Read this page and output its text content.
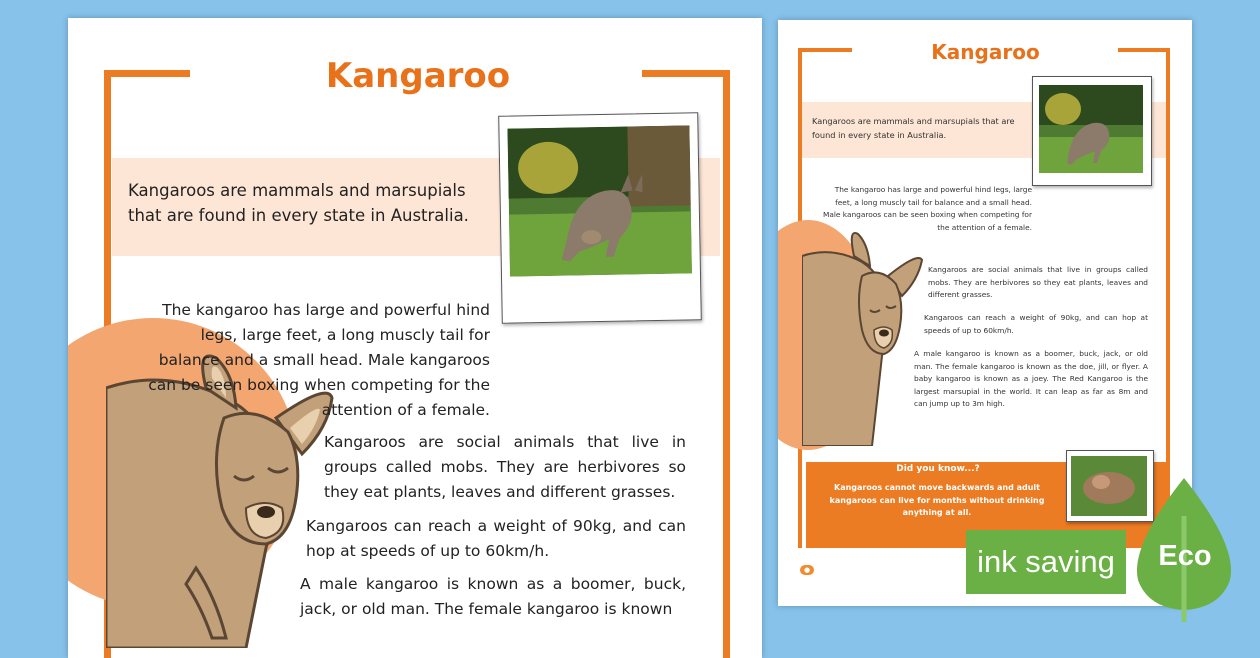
Kangaroo

Kangaroos are mammals and marsupials that are found in every state in Australia.

The kangaroo has large and powerful hind legs, large feet, a long muscly tail for balance and a small head. Male kangaroos can be seen boxing when competing for the attention of a female.

Kangaroos are social animals that live in groups called mobs. They are herbivores so they eat plants, leaves and different grasses.

Kangaroos can reach a weight of 90kg, and can hop at speeds of up to 60km/h.

A male kangaroo is known as a boomer, buck, jack, or old man. The female kangaroo is known

Kangaroo

Kangaroos are mammals and marsupials that are found in every state in Australia.

The kangaroo has large and powerful hind legs, large feet, a long muscly tail for balance and a small head. Male kangaroos can be seen boxing when competing for the attention of a female.

Kangaroos are social animals that live in groups called mobs. They are herbivores so they eat plants, leaves and different grasses.

Kangaroos can reach a weight of 90kg, and can hop at speeds of up to 60km/h.

A male kangaroo is known as a boomer, buck, jack, or old man. The female kangaroo is known as the doe, jill, or flyer. A baby kangaroo is known as a joey. The Red Kangaroo is the largest marsupial in the world. It can leap as far as 8m and can jump up to 3m high.

Did you know...?

Kangaroos cannot move backwards and adult kangaroos can live for months without drinking anything at all.

●	ink saving	Eco
